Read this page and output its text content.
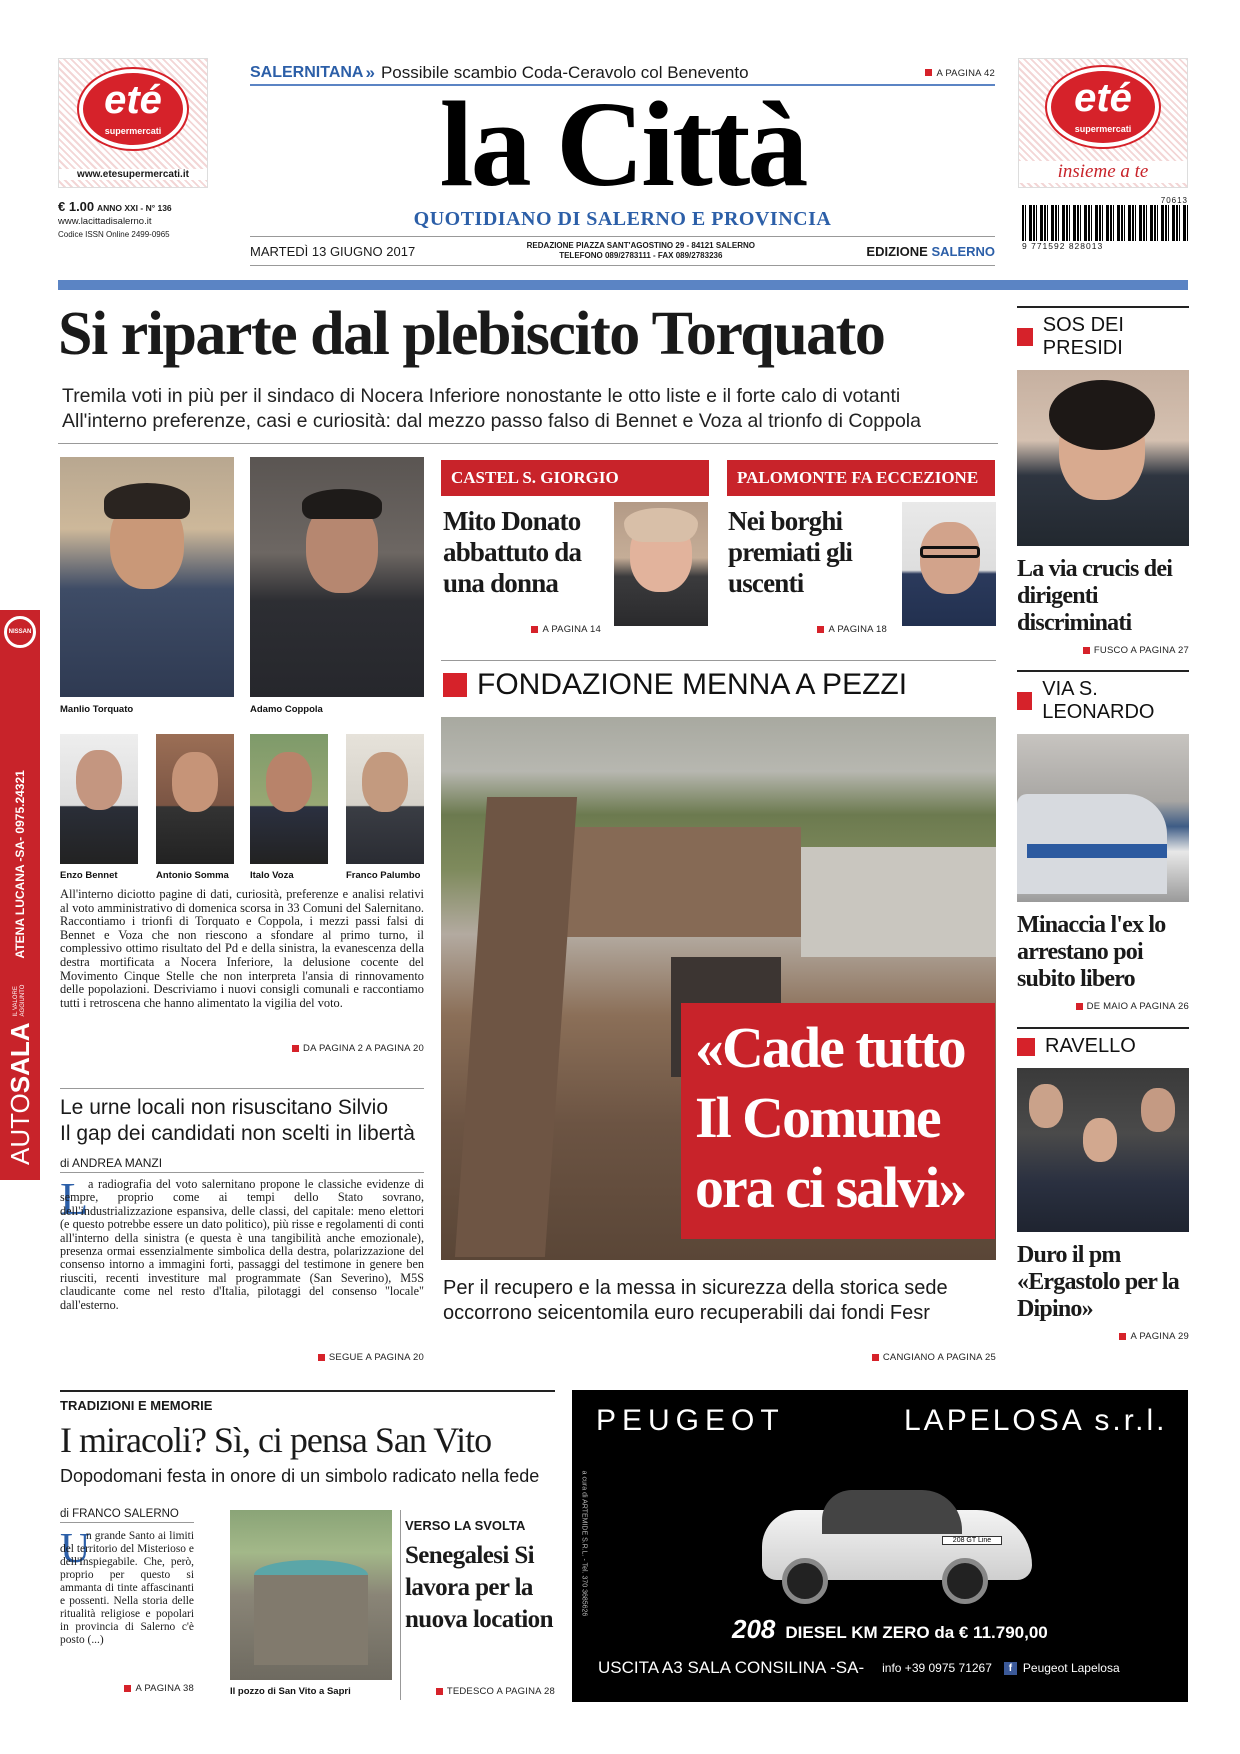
eté
supermercati
www.etesupermercati.it
€ 1.00 ANNO XXI - N° 136
www.lacittadisalerno.it
Codice ISSN Online 2499-0965
SALERNITANA » Possibile scambio Coda-Ceravolo col Benevento	A PAGINA 42
la Città
QUOTIDIANO DI SALERNO E PROVINCIA
MARTEDÌ 13 GIUGNO 2017	REDAZIONE PIAZZA SANT'AGOSTINO 29 - 84121 SALERNO
TELEFONO 089/2783111 - FAX 089/2783236	EDIZIONE SALERNO
eté
supermercati
insieme a te
70613
9 771592 828013
Si riparte dal plebiscito Torquato
Tremila voti in più per il sindaco di Nocera Inferiore nonostante le otto liste e il forte calo di votanti
All'interno preferenze, casi e curiosità: dal mezzo passo falso di Bennet e Voza al trionfo di Coppola
Manlio Torquato	Adamo Coppola
Enzo Bennet	Antonio Somma Italo Voza	Franco Palumbo

All'interno diciotto pagine di dati, curiosità, preferenze e analisi relativi al voto amministrativo di domenica scorsa in 33 Comuni del Salernitano. Raccontiamo i trionfi di Torquato e Coppola, i mezzi passi falsi di Bennet e Voza che non riescono a sfondare al primo turno, il complessivo ottimo risultato del Pd e della sinistra, la evanescenza della destra mortificata a Nocera Inferiore, la delusione cocente del Movimento Cinque Stelle che non interpreta l'ansia di rinnovamento delle popolazioni. Descriviamo i nuovi consigli comunali e raccontiamo tutti i retroscena che hanno alimentato la vigilia del voto.

DA PAGINA 2 A PAGINA 20
Le urne locali non risuscitano Silvio
Il gap dei candidati non scelti in libertà
di ANDREA MANZI
L a radiografia del voto salernitano propone le classiche evidenze di sempre, proprio come ai tempi dello Stato sovrano, dell'industrializzazione espansiva, delle classi, del capitale: meno elettori (e questo potrebbe essere un dato politico), più risse e regolamenti di conti all'interno della sinistra (e questa è una tangibilità anche emozionale), presenza ormai essenzialmente simbolica della destra, polarizzazione del consenso intorno a immagini forti, passaggi del testimone in genere ben riusciti, recenti investiture mal programmate (San Severino), M5S claudicante come nel resto d'Italia, pilotaggi del consenso "locale" dall'esterno.

SEGUE A PAGINA 20
CASTEL S. GIORGIO
Mito Donato abbattuto da una donna
A PAGINA 14
PALOMONTE FA ECCEZIONE
Nei borghi premiati gli uscenti
A PAGINA 18
FONDAZIONE MENNA A PEZZI
«Cade tutto
Il Comune
ora ci salvi»
Per il recupero e la messa in sicurezza della storica sede
occorrono seicentomila euro recuperabili dai fondi Fesr
CANGIANO A PAGINA 25
SOS DEI PRESIDI
La via crucis dei dirigenti discriminati
FUSCO A PAGINA 27
VIA S. LEONARDO
Minaccia l'ex lo arrestano poi subito libero
DE MAIO A PAGINA 26
RAVELLO
Duro il pm «Ergastolo per la Dipino»
A PAGINA 29
NISSAN
AUTO
SALA
IL VALORE AGGIUNTO
ATENA LUCANA -SA- 0975.24321
TRADIZIONI E MEMORIE
I miracoli? Sì, ci pensa San Vito
Dopodomani festa in onore di un simbolo radicato nella fede
di FRANCO SALERNO
U

n grande Santo ai limiti del territorio del Misterioso e dell'Inspiegabile. Che, però, proprio per questo si ammanta di tinte affascinanti e possenti. Nella storia delle ritualità religiose e popolari in provincia di Salerno c'è posto (...)

A PAGINA 38	Il pozzo di San Vito a Sapri
VERSO LA SVOLTA
Senegalesi Si lavora per la nuova location
TEDESCO A PAGINA 28
PEUGEOT	LAPELOSA s.r.l.
208 GT Line
208 DIESEL KM ZERO da € 11.790,00
USCITA A3 SALA CONSILINA -SA- info +39 0975 71267	f Peugeot Lapelosa
a cura di ARTEMIDE S.R.L. - Tel. 370 3685626
